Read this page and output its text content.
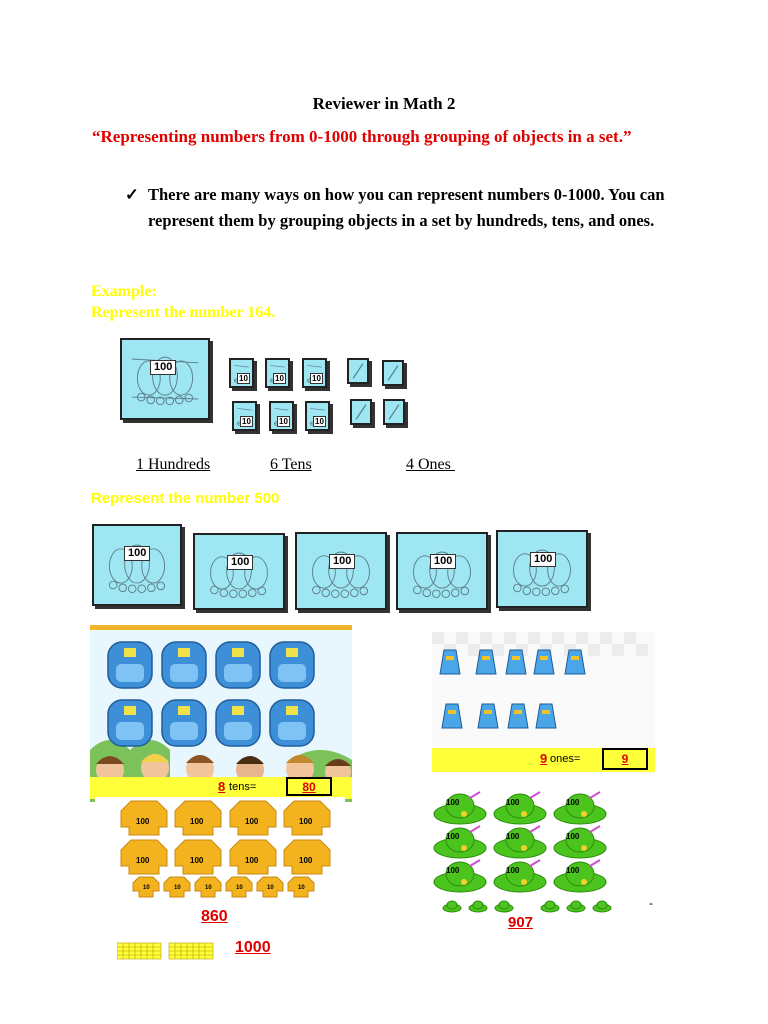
Reviewer in Math 2
“Representing numbers from 0-1000 through grouping of objects in a set.”
✓ There are many ways on how you can represent numbers 0-1000. You can represent them by grouping objects in a set by hundreds, tens, and ones.
Example:
Represent the number 164.
100
10	10	10
10	10	10
1 Hundreds	6 Tens	4 Ones
Represent the number 500
100
100	100	100	100
8 tens=	80
9 ones=	9
100	100	100	100
100	100	100	100
10	10	10	10	10	10
860
1000
100	100	100
100	100	100
100	100	100
907
-
